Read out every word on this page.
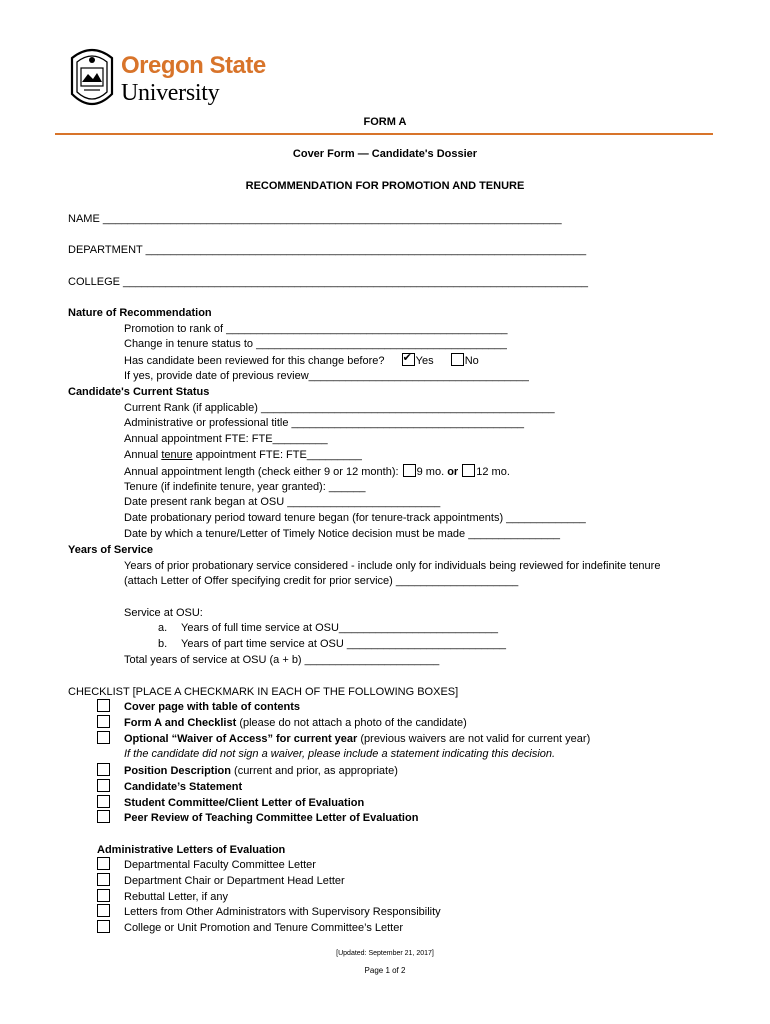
Oregon State
University
FORM A
Cover Form — Candidate's Dossier
RECOMMENDATION FOR PROMOTION AND TENURE
NAME ___________________________________________________________________________
DEPARTMENT ________________________________________________________________________
COLLEGE ____________________________________________________________________________
Nature of Recommendation
Promotion to rank of ______________________________________________
Change in tenure status to _________________________________________
Has candidate been reviewed for this change before?  ✔	Yes	No
If yes, provide date of previous review____________________________________
Candidate's Current Status
Current Rank (if applicable) ________________________________________________
Administrative or professional title ______________________________________
Annual appointment FTE: FTE_________
Annual tenure appointment FTE: FTE_________
Annual appointment length (check either 9 or 12 month): 9 mo. or 12 mo.
Tenure (if indefinite tenure, year granted): ______
Date present rank began at OSU _________________________
Date probationary period toward tenure began (for tenure-track appointments) _____________
Date by which a tenure/Letter of Timely Notice decision must be made _______________
Years of Service
Years of prior probationary service considered - include only for individuals being reviewed for indefinite tenure
(attach Letter of Offer specifying credit for prior service) ____________________
Service at OSU:
a. Years of full time service at OSU__________________________
b. Years of part time service at OSU __________________________
Total years of service at OSU (a + b) ______________________
CHECKLIST [PLACE A CHECKMARK IN EACH OF THE FOLLOWING BOXES]
Cover page with table of contents
Form A and Checklist (please do not attach a photo of the candidate)
Optional “Waiver of Access” for current year (previous waivers are not valid for current year)
If the candidate did not sign a waiver, please include a statement indicating this decision.
Position Description (current and prior, as appropriate)
Candidate’s Statement
Student Committee/Client Letter of Evaluation
Peer Review of Teaching Committee Letter of Evaluation
Administrative Letters of Evaluation
Departmental Faculty Committee Letter
Department Chair or Department Head Letter
Rebuttal Letter, if any
Letters from Other Administrators with Supervisory Responsibility
College or Unit Promotion and Tenure Committee’s Letter
[Updated: September 21, 2017]
Page 1 of 2
